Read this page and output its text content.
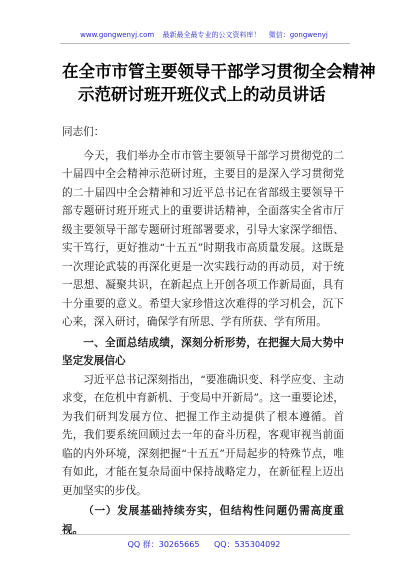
www.gongwenyj.com 最新最全最专业的公文资料库！ 微信：gongwenyj
在全市市管主要领导干部学习贯彻全会精神
示范研讨班开班仪式上的动员讲话

同志们：

今天，我们举办全市市管主要领导干部学习贯彻党的二十届四中全会精神示范研讨班，主要目的是深入学习贯彻党的二十届四中全会精神和习近平总书记在省部级主要领导干部专题研讨班开班式上的重要讲话精神，全面落实全省市厅级主要领导干部专题研讨班部署要求，引导大家深学细悟、实干笃行，更好推动“十五五”时期我市高质量发展。这既是一次理论武装的再深化更是一次实践行动的再动员，对于统一思想、凝聚共识，在新起点上开创各项工作新局面，具有十分重要的意义。希望大家珍惜这次难得的学习机会，沉下心来，深入研讨，确保学有所思、学有所获、学有所用。

一、全面总结成绩，深刻分析形势，在把握大局大势中坚定发展信心

习近平总书记深刻指出，“要准确识变、科学应变、主动求变，在危机中育新机、于变局中开新局”。这一重要论述，为我们研判发展方位、把握工作主动提供了根本遵循。首先，我们要系统回顾过去一年的奋斗历程，客观审视当前面临的内外环境，深刻把握“十五五”开局起步的特殊节点，唯有如此，才能在复杂局面中保持战略定力，在新征程上迈出更加坚实的步伐。

（一）发展基础持续夯实，但结构性问题仍需高度重视。

QQ 群：30265665 QQ：535304092
